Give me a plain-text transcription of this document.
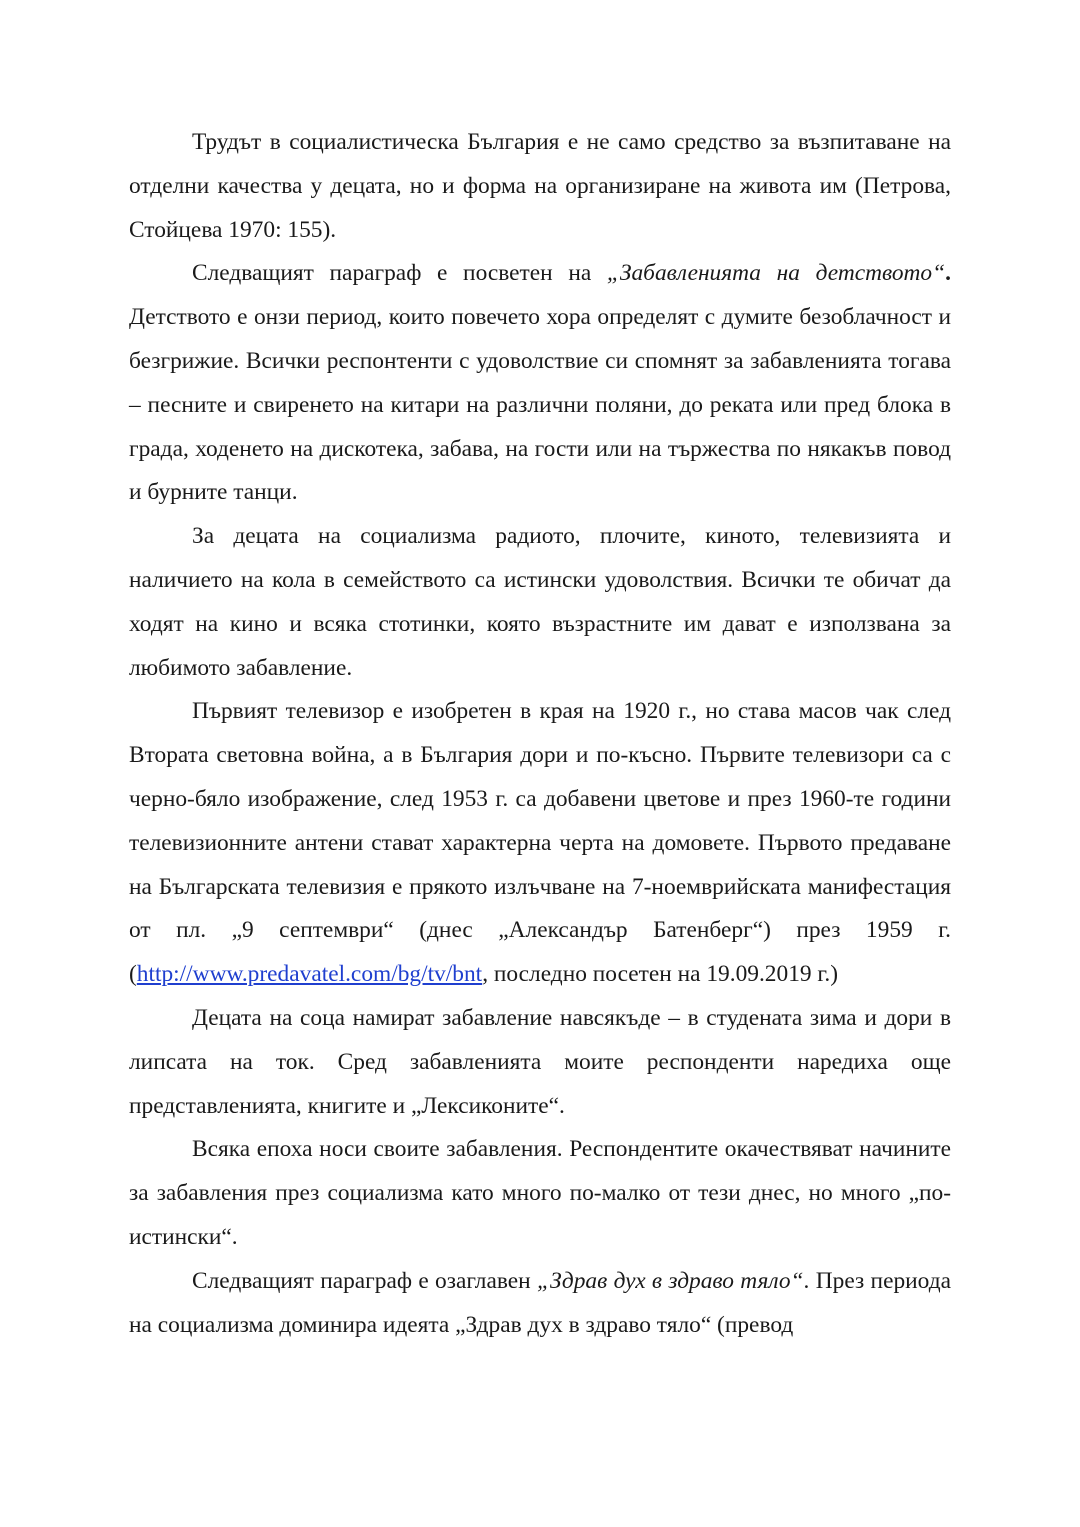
Трудът в социалистическа България е не само средство за възпитаване на отделни качества у децата, но и форма на организиране на живота им (Петрова, Стойцева 1970: 155).

Следващият параграф е посветен на „Забавленията на детството“. Детството е онзи период, които повечето хора определят с думите безоблачност и безгрижие. Всички респонтенти с удоволствие си спомнят за забавленията тогава – песните и свиренето на китари на различни поляни, до реката или пред блока в града, ходенето на дискотека, забава, на гости или на тържества по някакъв повод и бурните танци.

За децата на социализма радиото, плочите, киното, телевизията и наличието на кола в семейството са истински удоволствия. Всички те обичат да ходят на кино и всяка стотинки, която възрастните им дават е използвана за любимото забавление.

Първият телевизор е изобретен в края на 1920 г., но става масов чак след Втората световна война, а в България дори и по-късно. Първите телевизори са с черно-бяло изображение, след 1953 г. са добавени цветове и през 1960-те години телевизионните антени стават характерна черта на домовете. Първото предаване на Българската телевизия е прякото излъчване на 7-ноемврийската манифестация от пл. „9 септември“ (днес „Александър Батенберг“) през 1959 г. (http://www.predavatel.com/bg/tv/bnt, последно посетен на 19.09.2019 г.)

Децата на соца намират забавление навсякъде – в студената зима и дори в липсата на ток. Сред забавленията моите респонденти наредиха още представленията, книгите и „Лексиконите“.

Всяка епоха носи своите забавления. Респондентите окачествяват начините за забавления през социализма като много по-малко от тези днес, но много „по-истински“.

Следващият параграф е озаглавен „Здрав дух в здраво тяло“. През периода на социализма доминира идеята „Здрав дух в здраво тяло“ (превод
